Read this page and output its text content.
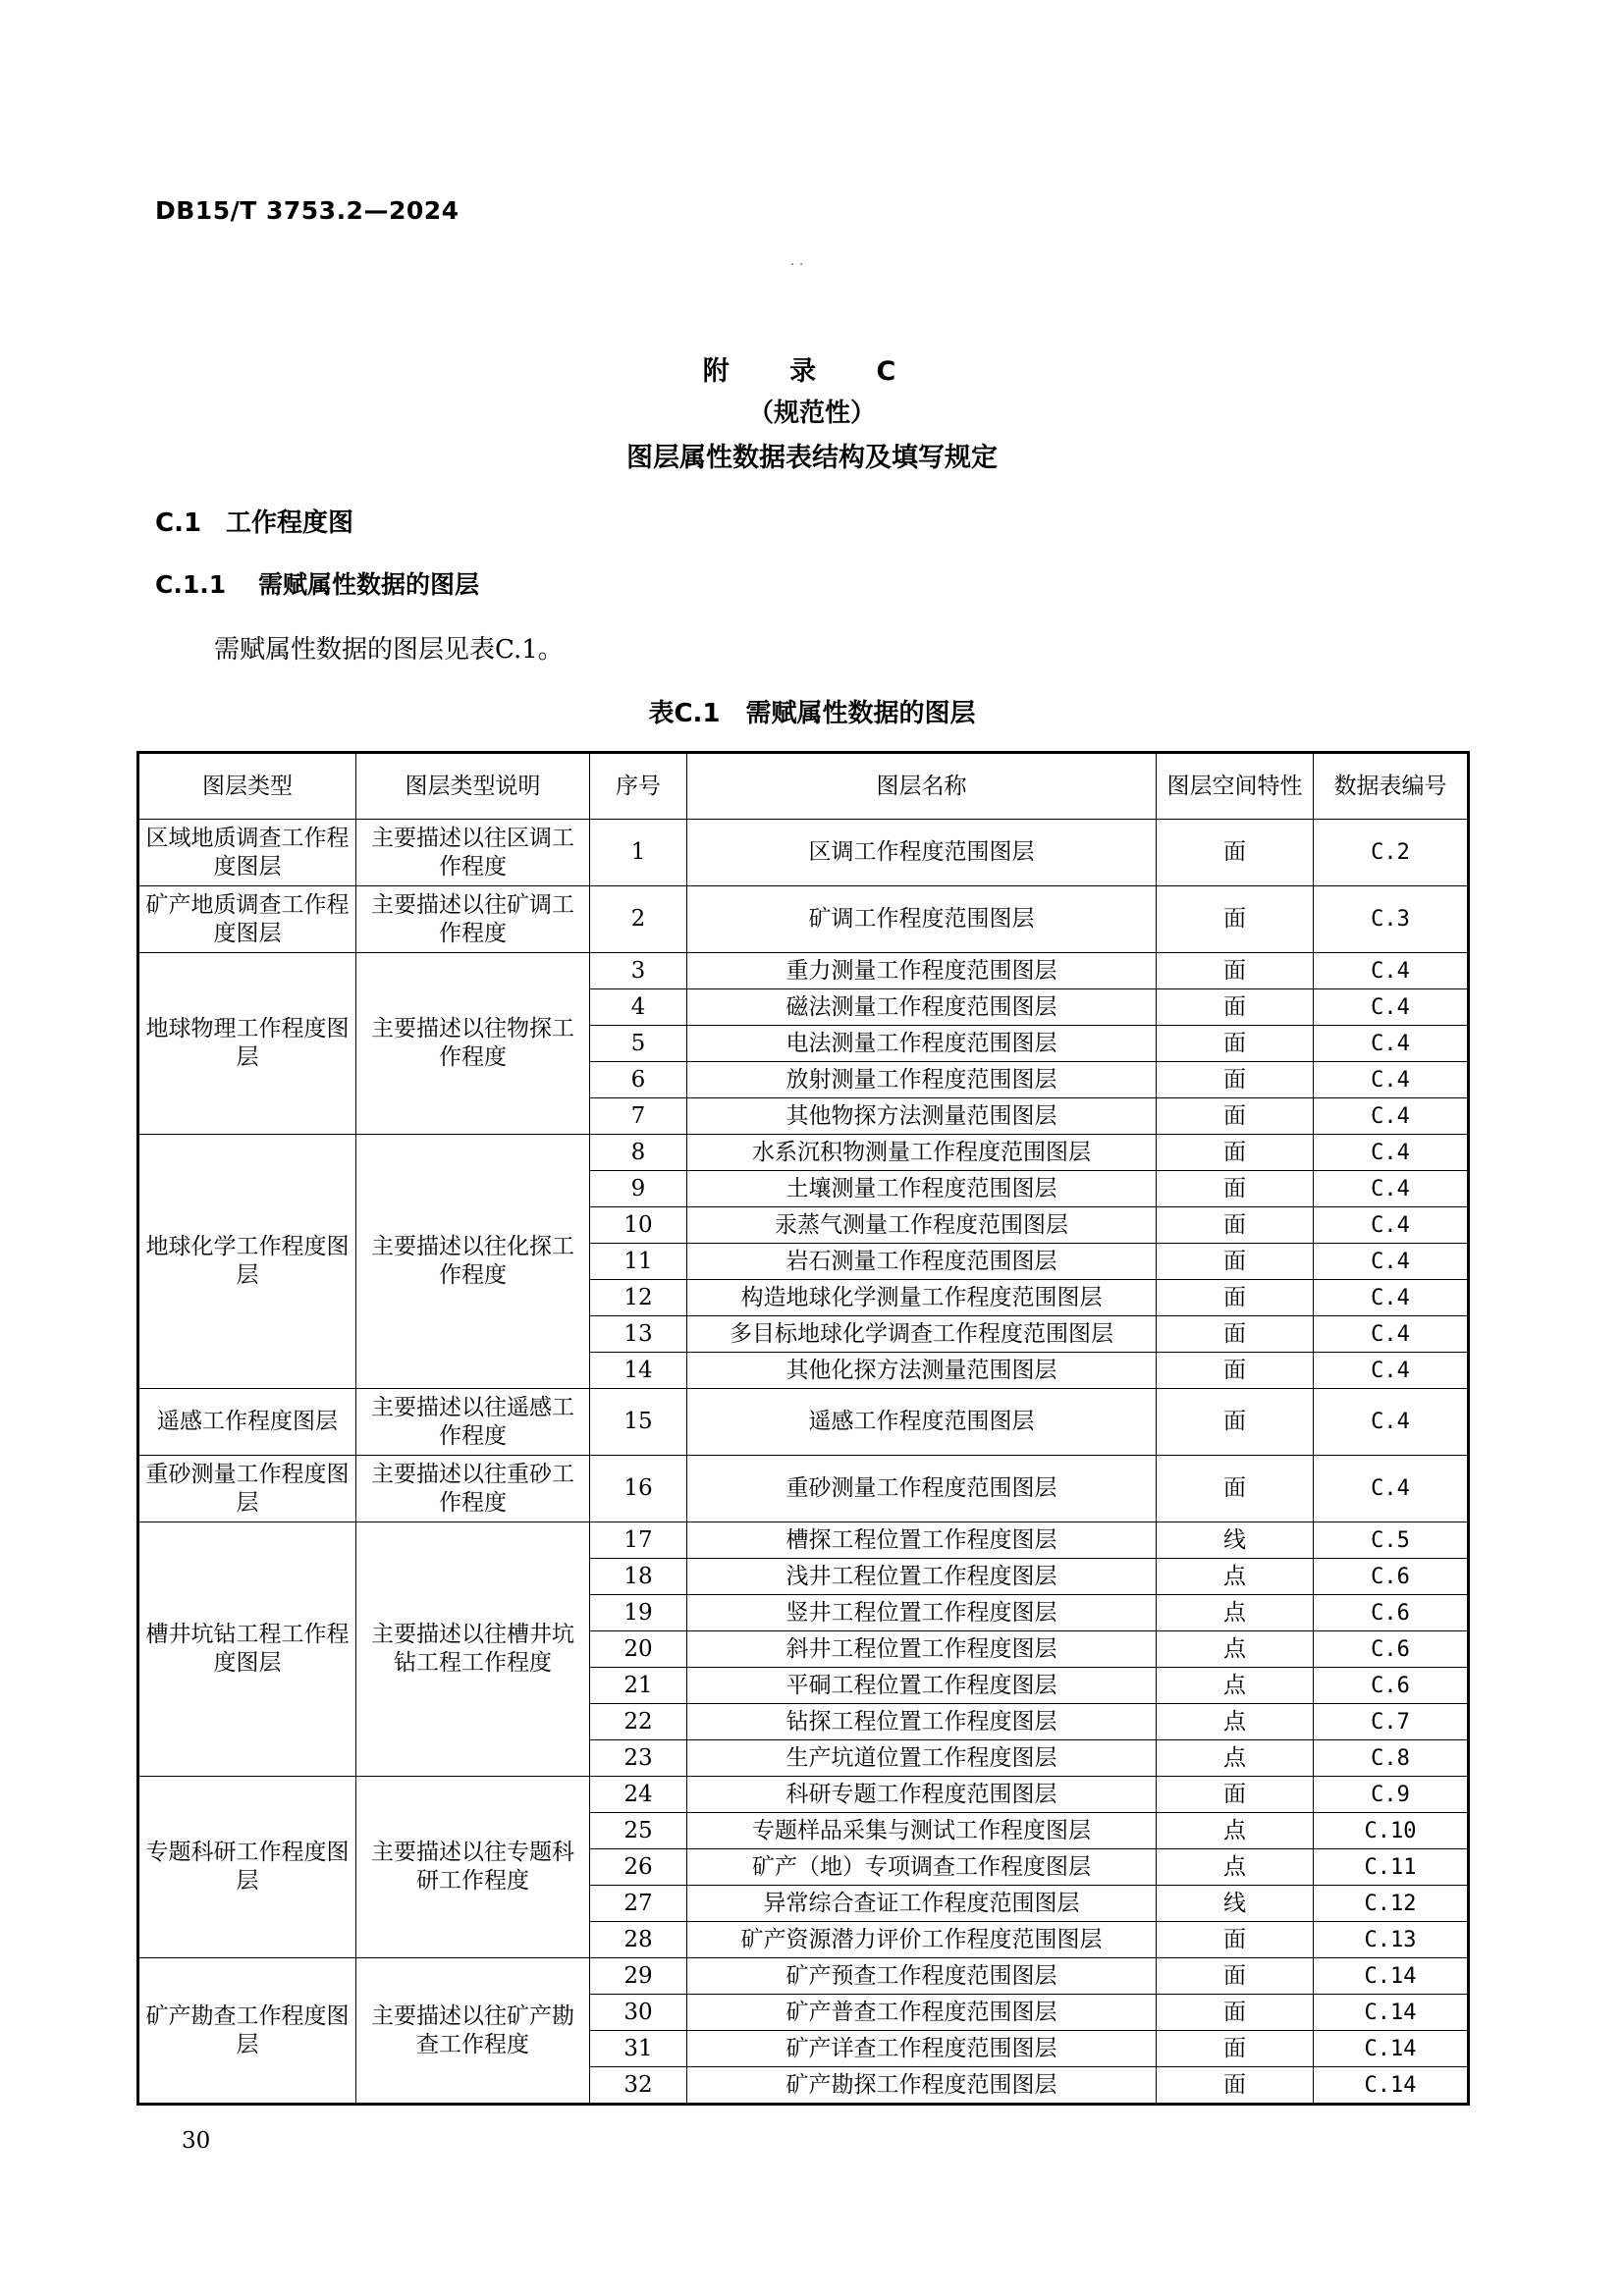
DB15/T 3753.2—2024
. .
附 录 C
（规范性）
图层属性数据表结构及填写规定
C.1 工作程度图
C.1.1 需赋属性数据的图层
需赋属性数据的图层见表C.1。
表C.1　需赋属性数据的图层
图层类型	图层类型说明	序号	图层名称	图层空间特性	数据表编号
区域地质调查工作程度图层	主要描述以往区调工作程度	1	区调工作程度范围图层	面	C.2
矿产地质调查工作程度图层	主要描述以往矿调工作程度	2	矿调工作程度范围图层	面	C.3
地球物理工作程度图层	主要描述以往物探工作程度	3	重力测量工作程度范围图层	面	C.4
		4	磁法测量工作程度范围图层	面	C.4
		5	电法测量工作程度范围图层	面	C.4
		6	放射测量工作程度范围图层	面	C.4
		7	其他物探方法测量范围图层	面	C.4
地球化学工作程度图层	主要描述以往化探工作程度	8	水系沉积物测量工作程度范围图层	面	C.4
		9	土壤测量工作程度范围图层	面	C.4
		10	汞蒸气测量工作程度范围图层	面	C.4
		11	岩石测量工作程度范围图层	面	C.4
		12	构造地球化学测量工作程度范围图层	面	C.4
		13	多目标地球化学调查工作程度范围图层	面	C.4
		14	其他化探方法测量范围图层	面	C.4
遥感工作程度图层	主要描述以往遥感工作程度	15	遥感工作程度范围图层	面	C.4
重砂测量工作程度图层	主要描述以往重砂工作程度	16	重砂测量工作程度范围图层	面	C.4
槽井坑钻工程工作程度图层	主要描述以往槽井坑钻工程工作程度	17	槽探工程位置工作程度图层	线	C.5
		18	浅井工程位置工作程度图层	点	C.6
		19	竖井工程位置工作程度图层	点	C.6
		20	斜井工程位置工作程度图层	点	C.6
		21	平硐工程位置工作程度图层	点	C.6
		22	钻探工程位置工作程度图层	点	C.7
		23	生产坑道位置工作程度图层	点	C.8
专题科研工作程度图层	主要描述以往专题科研工作程度	24	科研专题工作程度范围图层	面	C.9
		25	专题样品采集与测试工作程度图层	点	C.10
		26	矿产（地）专项调查工作程度图层	点	C.11
		27	异常综合查证工作程度范围图层	线	C.12
		28	矿产资源潜力评价工作程度范围图层	面	C.13
矿产勘查工作程度图层	主要描述以往矿产勘查工作程度	29	矿产预查工作程度范围图层	面	C.14
		30	矿产普查工作程度范围图层	面	C.14
		31	矿产详查工作程度范围图层	面	C.14
		32	矿产勘探工作程度范围图层	面	C.14
30
